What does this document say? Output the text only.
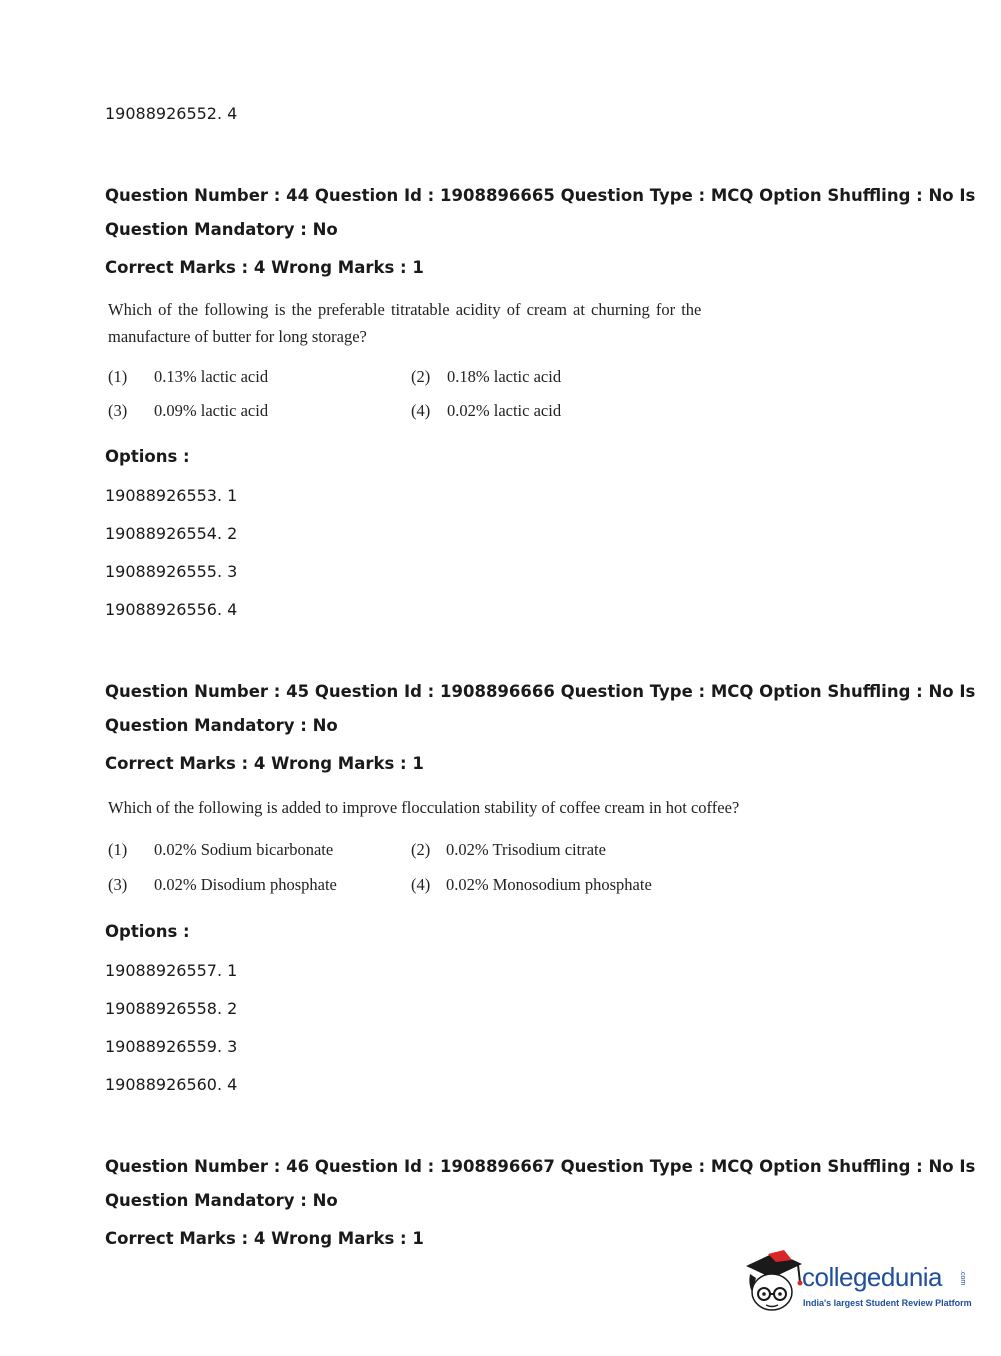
19088926552. 4
Question Number : 44 Question Id : 1908896665 Question Type : MCQ Option Shuffling : No Is
Question Mandatory : No
Correct Marks : 4 Wrong Marks : 1
Which of the following is the preferable titratable acidity of cream at churning for the
manufacture of butter for long storage?
(1) 0.13% lactic acid	(2) 0.18% lactic acid
(3) 0.09% lactic acid	(4) 0.02% lactic acid
Options :
19088926553. 1
19088926554. 2
19088926555. 3
19088926556. 4
Question Number : 45 Question Id : 1908896666 Question Type : MCQ Option Shuffling : No Is
Question Mandatory : No
Correct Marks : 4 Wrong Marks : 1
Which of the following is added to improve flocculation stability of coffee cream in hot coffee?
(1) 0.02% Sodium bicarbonate	(2) 0.02% Trisodium citrate
(3) 0.02% Disodium phosphate	(4) 0.02% Monosodium phosphate
Options :
19088926557. 1
19088926558. 2
19088926559. 3
19088926560. 4
Question Number : 46 Question Id : 1908896667 Question Type : MCQ Option Shuffling : No Is
Question Mandatory : No
Correct Marks : 4 Wrong Marks : 1
collegedunia .com
India's largest Student Review Platform
